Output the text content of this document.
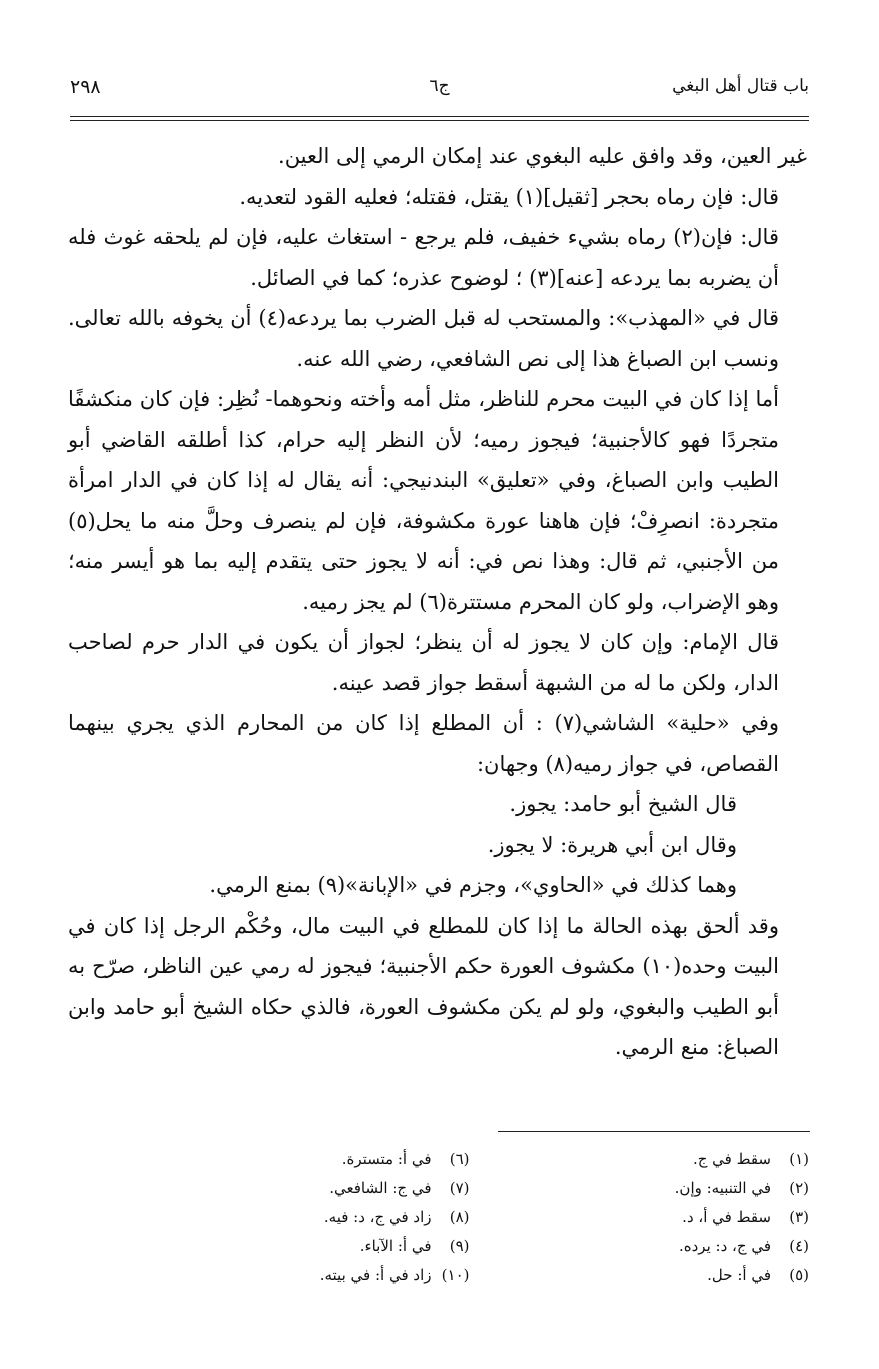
باب قتال أهل البغي
ج٦
٢٩٨

غير العين، وقد وافق عليه البغوي عند إمكان الرمي إلى العين.

قال: فإن رماه بحجر [ثقيل](١) يقتل، فقتله؛ فعليه القود لتعديه.

قال: فإن(٢) رماه بشيء خفيف، فلم يرجع - استغاث عليه، فإن لم يلحقه غوث فله أن يضربه بما يردعه [عنه](٣) ؛ لوضوح عذره؛ كما في الصائل.

قال في «المهذب»: والمستحب له قبل الضرب بما يردعه(٤) أن يخوفه بالله تعالى. ونسب ابن الصباغ هذا إلى نص الشافعي، رضي الله عنه.

أما إذا كان في البيت محرم للناظر، مثل أمه وأخته ونحوهما- نُظِر: فإن كان منكشفًا متجردًا فهو كالأجنبية؛ فيجوز رميه؛ لأن النظر إليه حرام، كذا أطلقه القاضي أبو الطيب وابن الصباغ، وفي «تعليق» البندنيجي: أنه يقال له إذا كان في الدار امرأة متجردة: انصرِفْ؛ فإن هاهنا عورة مكشوفة، فإن لم ينصرف وحلَّ منه ما يحل(٥) من الأجنبي، ثم قال: وهذا نص في: أنه لا يجوز حتى يتقدم إليه بما هو أيسر منه؛ وهو الإضراب، ولو كان المحرم مستترة(٦) لم يجز رميه.

قال الإمام: وإن كان لا يجوز له أن ينظر؛ لجواز أن يكون في الدار حرم لصاحب الدار، ولكن ما له من الشبهة أسقط جواز قصد عينه.

وفي «حلية» الشاشي(٧) : أن المطلع إذا كان من المحارم الذي يجري بينهما القصاص، في جواز رميه(٨) وجهان:

قال الشيخ أبو حامد: يجوز.

وقال ابن أبي هريرة: لا يجوز.

وهما كذلك في «الحاوي»، وجزم في «الإبانة»(٩) بمنع الرمي.

وقد ألحق بهذه الحالة ما إذا كان للمطلع في البيت مال، وحُكْم الرجل إذا كان في البيت وحده(١٠) مكشوف العورة حكم الأجنبية؛ فيجوز له رمي عين الناظر، صرّح به أبو الطيب والبغوي، ولو لم يكن مكشوف العورة، فالذي حكاه الشيخ أبو حامد وابن الصباغ: منع الرمي.

(١)سقط في ج.
(٢)في التنبيه: وإن.
(٣)سقط في أ، د.
(٤)في ج، د: يرده.
(٥)في أ: حل.
(٦)في أ: متسترة.
(٧)في ج: الشافعي.
(٨)زاد في ج، د: فيه.
(٩)في أ: الآباء.
(١٠)زاد في أ: في بيته.
